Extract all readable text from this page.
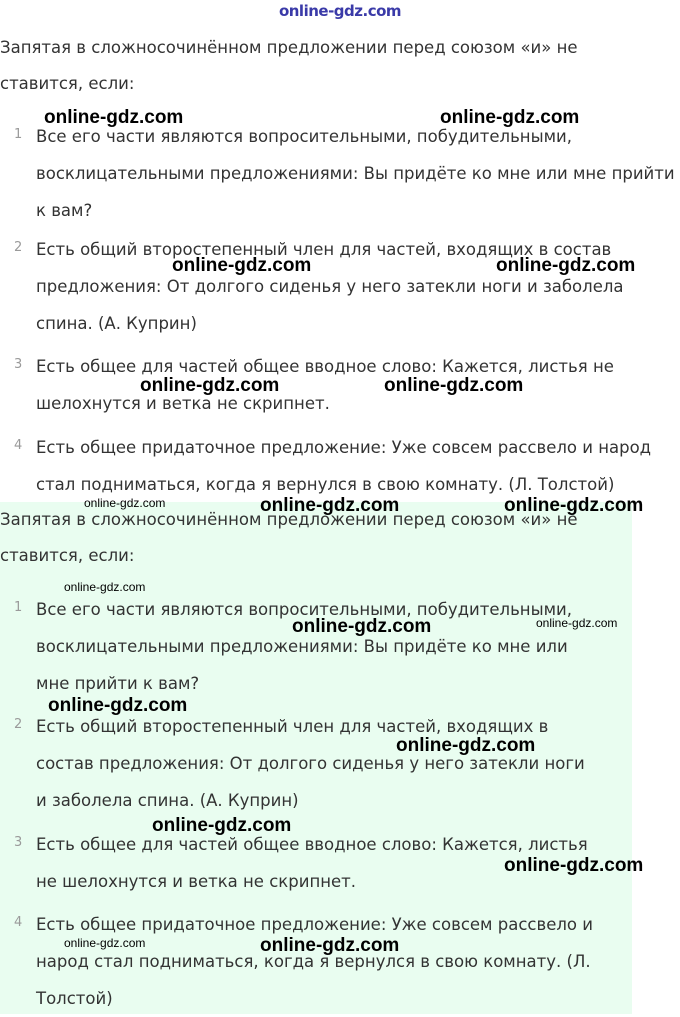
online-gdz.com
Запятая в сложносочинённом предложении перед союзом «и» не ставится, если:
1 Все его части являются вопросительными, побудительными, восклицательными предложениями: Вы придёте ко мне или мне прийти к вам?
2 Есть общий второстепенный член для частей, входящих в состав предложения: От долгого сиденья у него затекли ноги и заболела спина. (А. Куприн)
3 Есть общее для частей общее вводное слово: Кажется, листья не шелохнутся и ветка не скрипнет.
4 Есть общее придаточное предложение: Уже совсем рассвело и народ стал подниматься, когда я вернулся в свою комнату. (Л. Толстой)
Запятая в сложносочинённом предложении перед союзом «и» не ставится, если:
1 Все его части являются вопросительными, побудительными, восклицательными предложениями: Вы придёте ко мне или мне прийти к вам?
2 Есть общий второстепенный член для частей, входящих в состав предложения: От долгого сиденья у него затекли ноги и заболела спина. (А. Куприн)
3 Есть общее для частей общее вводное слово: Кажется, листья не шелохнутся и ветка не скрипнет.
4 Есть общее придаточное предложение: Уже совсем рассвело и народ стал подниматься, когда я вернулся в свою комнату. (Л. Толстой)
online-gdz.com	online-gdz.com
online-gdz.com	online-gdz.com
online-gdz.com	online-gdz.com
online-gdz.com	online-gdz.com	online-gdz.com
online-gdz.com
online-gdz.com	online-gdz.com
online-gdz.com
online-gdz.com
online-gdz.com
online-gdz.com
online-gdz.com	online-gdz.com
